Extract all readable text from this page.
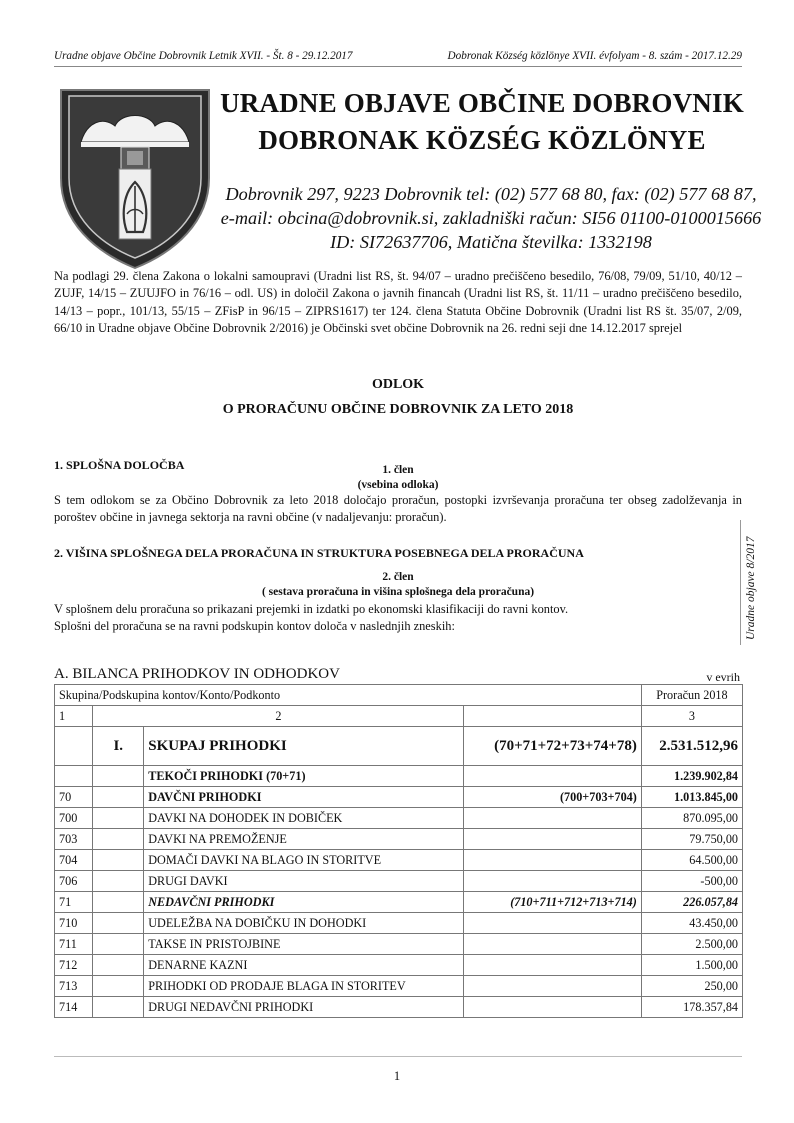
Uradne objave Občine Dobrovnik Letnik XVII. - Št. 8 - 29.12.2017	Dobronak Község közlönye XVII. évfolyam - 8. szám - 2017.12.29
URADNE OBJAVE OBČINE DOBROVNIK
DOBRONAK KÖZSÉG KÖZLÖNYE
Dobrovnik 297, 9223 Dobrovnik tel: (02) 577 68 80, fax: (02) 577 68 87,
e-mail: obcina@dobrovnik.si, zakladniški račun: SI56 01100-0100015666
ID: SI72637706, Matična številka: 1332198

Na podlagi 29. člena Zakona o lokalni samoupravi (Uradni list RS, št. 94/07 – uradno prečiščeno besedilo, 76/08, 79/09, 51/10, 40/12 – ZUJF, 14/15 – ZUUJFO in 76/16 – odl. US) in določil Zakona o javnih financah (Uradni list RS, št. 11/11 – uradno prečiščeno besedilo, 14/13 – popr., 101/13, 55/15 – ZFisP in 96/15 – ZIPRS1617) ter 124. člena Statuta Občine Dobrovnik (Uradni list RS št. 35/07, 2/09, 66/10 in Uradne objave Občine Dobrovnik 2/2016) je Občinski svet občine Dobrovnik na 26. redni seji dne 14.12.2017 sprejel

ODLOK
O PRORAČUNU OBČINE DOBROVNIK ZA LETO 2018
1. SPLOŠNA DOLOČBA	1. člen
(vsebina odloka)

S tem odlokom se za Občino Dobrovnik za leto 2018 določajo proračun, postopki izvrševanja proračuna ter obseg zadolževanja in poroštev občine in javnega sektorja na ravni občine (v nadaljevanju: proračun).

2. VIŠINA SPLOŠNEGA DELA PRORAČUNA IN STRUKTURA POSEBNEGA DELA PRORAČUNA
2. člen
( sestava proračuna in višina splošnega dela proračuna)

V splošnem delu proračuna so prikazani prejemki in izdatki po ekonomski klasifikaciji do ravni kontov.

Splošni del proračuna se na ravni podskupin kontov določa v naslednjih zneskih:	Uradne objave 8/2017
A. BILANCA PRIHODKOV IN ODHODKOV	v evrih
Skupina/Podskupina kontov/Konto/Podkonto				Proračun 2018
1	2			3
	I.	SKUPAJ PRIHODKI	(70+71+72+73+74+78)	2.531.512,96
		TEKOČI PRIHODKI (70+71)		1.239.902,84
70		DAVČNI PRIHODKI	(700+703+704)	1.013.845,00
700		DAVKI NA DOHODEK IN DOBIČEK		870.095,00
703		DAVKI NA PREMOŽENJE		79.750,00
704		DOMAČI DAVKI NA BLAGO IN STORITVE		64.500,00
706		DRUGI DAVKI		-500,00
71		NEDAVČNI PRIHODKI	(710+711+712+713+714)	226.057,84
710		UDELEŽBA NA DOBIČKU IN DOHODKI		43.450,00
711		TAKSE IN PRISTOJBINE		2.500,00
712		DENARNE KAZNI		1.500,00
713		PRIHODKI OD PRODAJE BLAGA IN STORITEV		250,00
714		DRUGI NEDAVČNI PRIHODKI		178.357,84
1
